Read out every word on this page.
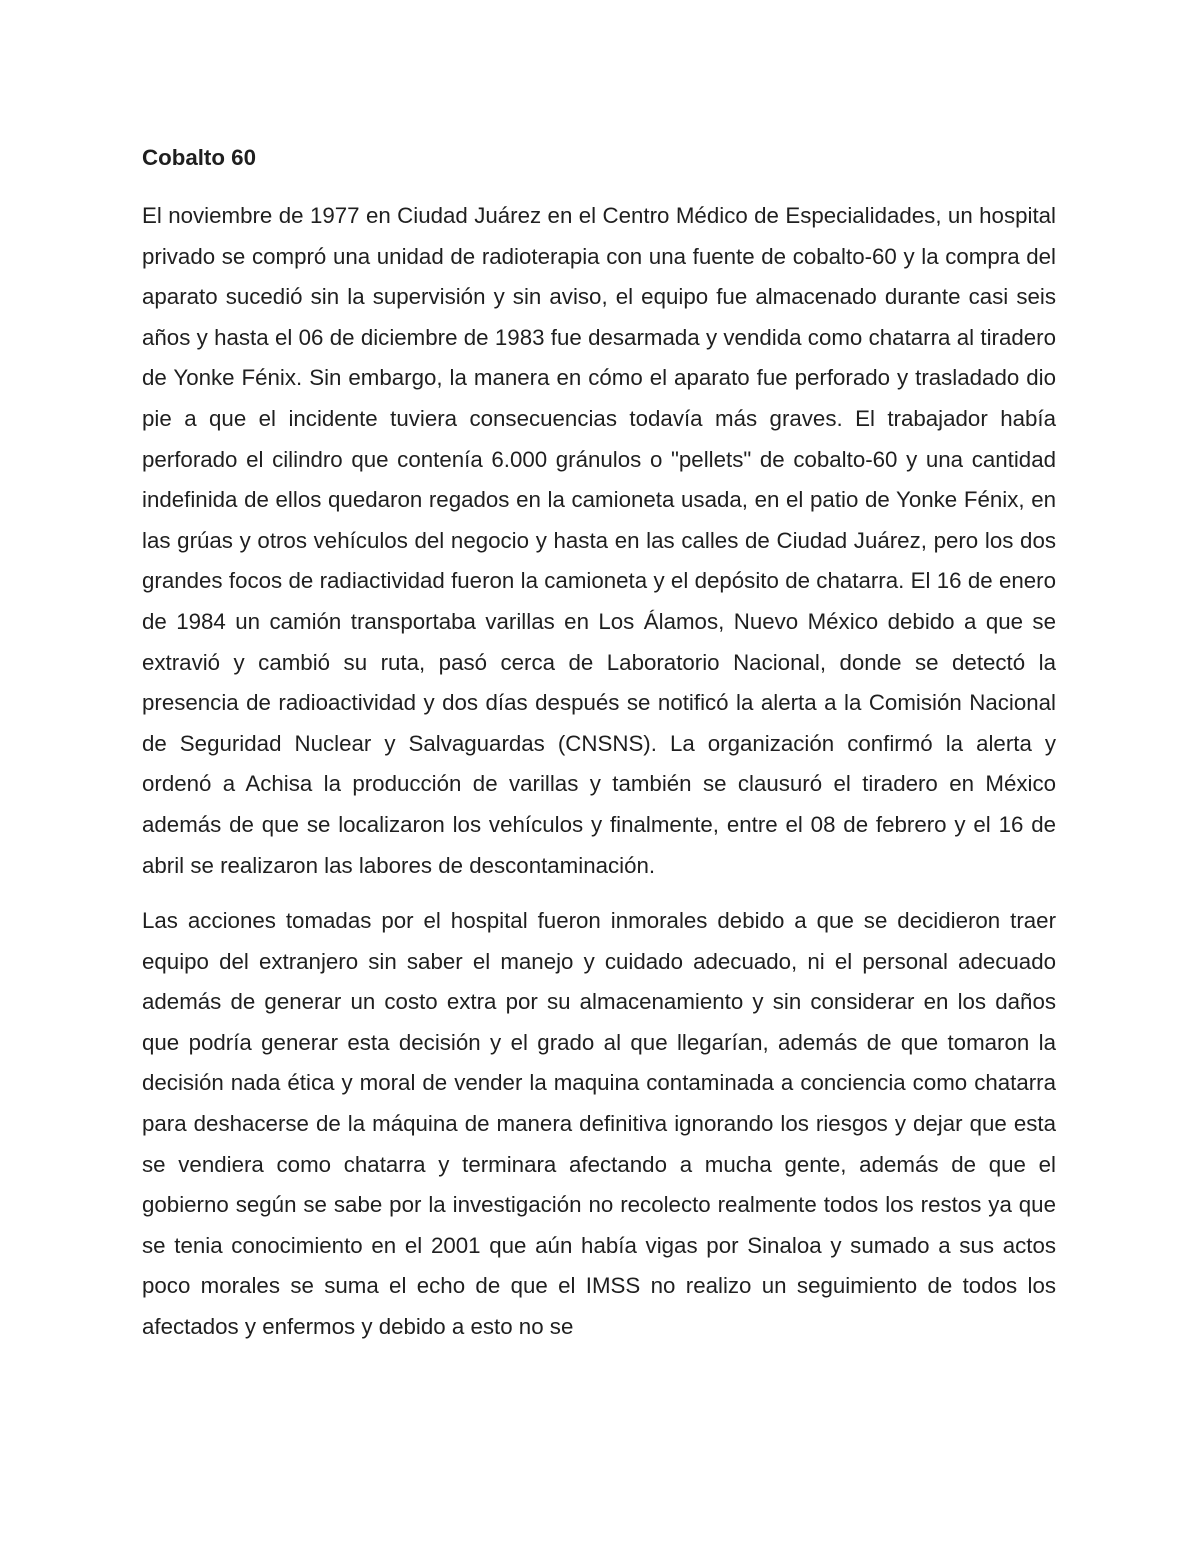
Cobalto 60

El noviembre de 1977 en Ciudad Juárez en el Centro Médico de Especialidades, un hospital privado se compró una unidad de radioterapia con una fuente de cobalto-60 y la compra del aparato sucedió sin la supervisión y sin aviso, el equipo fue almacenado durante casi seis años y hasta el 06 de diciembre de 1983 fue desarmada y vendida como chatarra al tiradero de Yonke Fénix. Sin embargo, la manera en cómo el aparato fue perforado y trasladado dio pie a que el incidente tuviera consecuencias todavía más graves. El trabajador había perforado el cilindro que contenía 6.000 gránulos o "pellets" de cobalto-60 y una cantidad indefinida de ellos quedaron regados en la camioneta usada, en el patio de Yonke Fénix, en las grúas y otros vehículos del negocio y hasta en las calles de Ciudad Juárez, pero los dos grandes focos de radiactividad fueron la camioneta y el depósito de chatarra. El 16 de enero de 1984 un camión transportaba varillas en Los Álamos, Nuevo México debido a que se extravió y cambió su ruta, pasó cerca de Laboratorio Nacional, donde se detectó la presencia de radioactividad y dos días después se notificó la alerta a la Comisión Nacional de Seguridad Nuclear y Salvaguardas (CNSNS). La organización confirmó la alerta y ordenó a Achisa la producción de varillas y también se clausuró el tiradero en México además de que se localizaron los vehículos y finalmente, entre el 08 de febrero y el 16 de abril se realizaron las labores de descontaminación.

Las acciones tomadas por el hospital fueron inmorales debido a que se decidieron traer equipo del extranjero sin saber el manejo y cuidado adecuado, ni el personal adecuado además de generar un costo extra por su almacenamiento y sin considerar en los daños que podría generar esta decisión y el grado al que llegarían, además de que tomaron la decisión nada ética y moral de vender la maquina contaminada a conciencia como chatarra para deshacerse de la máquina de manera definitiva ignorando los riesgos y dejar que esta se vendiera como chatarra y terminara afectando a mucha gente, además de que el gobierno según se sabe por la investigación no recolecto realmente todos los restos ya que se tenia conocimiento en el 2001 que aún había vigas por Sinaloa y sumado a sus actos poco morales se suma el echo de que el IMSS no realizo un seguimiento de todos los afectados y enfermos y debido a esto no se
